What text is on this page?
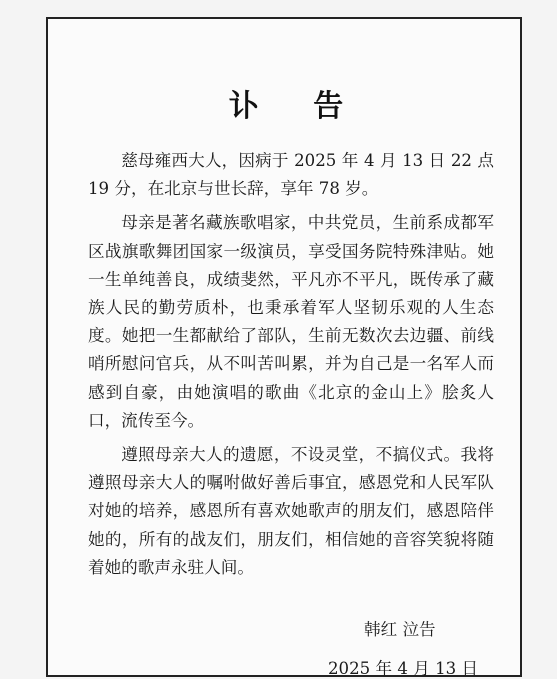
讣 告

慈母雍西大人，因病于 2025 年 4 月 13 日 22 点 19 分，在北京与世长辞，享年 78 岁。

母亲是著名藏族歌唱家，中共党员，生前系成都军区战旗歌舞团国家一级演员，享受国务院特殊津贴。她一生单纯善良，成绩斐然，平凡亦不平凡，既传承了藏族人民的勤劳质朴，也秉承着军人坚韧乐观的人生态度。她把一生都献给了部队，生前无数次去边疆、前线哨所慰问官兵，从不叫苦叫累，并为自己是一名军人而感到自豪，由她演唱的歌曲《北京的金山上》脍炙人口，流传至今。

遵照母亲大人的遗愿，不设灵堂，不搞仪式。我将遵照母亲大人的嘱咐做好善后事宜，感恩党和人民军队对她的培养，感恩所有喜欢她歌声的朋友们，感恩陪伴她的，所有的战友们，朋友们，相信她的音容笑貌将随着她的歌声永驻人间。

韩红 泣告
2025 年 4 月 13 日
